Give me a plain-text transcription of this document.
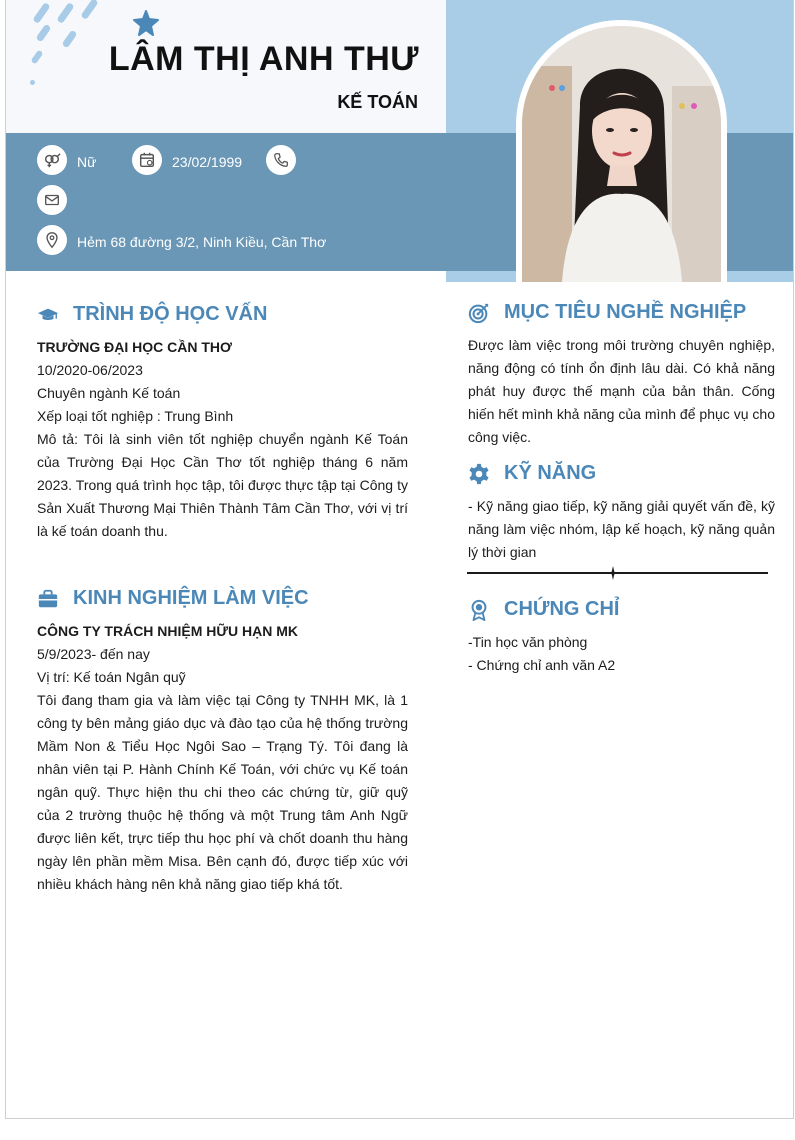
LÂM THỊ ANH THƯ
KẾ TOÁN
Nữ	23/02/1999
Hẻm 68 đường 3/2, Ninh Kiều, Cần Thơ
TRÌNH ĐỘ HỌC VẤN
TRƯỜNG ĐẠI HỌC CẦN THƠ
10/2020-06/2023
Chuyên ngành Kế toán
Xếp loại tốt nghiệp : Trung Bình
Mô tả: Tôi là sinh viên tốt nghiệp chuyển ngành Kế Toán của Trường Đại Học Cần Thơ tốt nghiệp tháng 6 năm 2023. Trong quá trình học tập, tôi được thực tập tại Công ty Sản Xuất Thương Mại Thiên Thành Tâm Cần Thơ, với vị trí là kế toán doanh thu.
KINH NGHIỆM LÀM VIỆC
CÔNG TY TRÁCH NHIỆM HỮU HẠN MK
5/9/2023- đến nay
Vị trí: Kế toán Ngân quỹ
Tôi đang tham gia và làm việc tại Công ty TNHH MK, là 1 công ty bên mảng giáo dục và đào tạo của hệ thống trường Mầm Non & Tiểu Học Ngôi Sao – Trạng Tý. Tôi đang là nhân viên tại P. Hành Chính Kế Toán, với chức vụ Kế toán ngân quỹ. Thực hiện thu chi theo các chứng từ, giữ quỹ của 2 trường thuộc hệ thống và một Trung tâm Anh Ngữ được liên kết, trực tiếp thu học phí và chốt doanh thu hàng ngày lên phần mềm Misa. Bên cạnh đó, được tiếp xúc với nhiều khách hàng nên khả năng giao tiếp khá tốt.
MỤC TIÊU NGHỀ NGHIỆP
Được làm việc trong môi trường chuyên nghiệp, năng động có tính ổn định lâu dài. Có khả năng phát huy được thế mạnh của bản thân. Cống hiến hết mình khả năng của mình để phục vụ cho công việc.
KỸ NĂNG
- Kỹ năng giao tiếp, kỹ năng giải quyết vấn đề, kỹ năng làm việc nhóm, lập kế hoạch, kỹ năng quản lý thời gian
CHỨNG CHỈ
-Tin học văn phòng
- Chứng chỉ anh văn A2
